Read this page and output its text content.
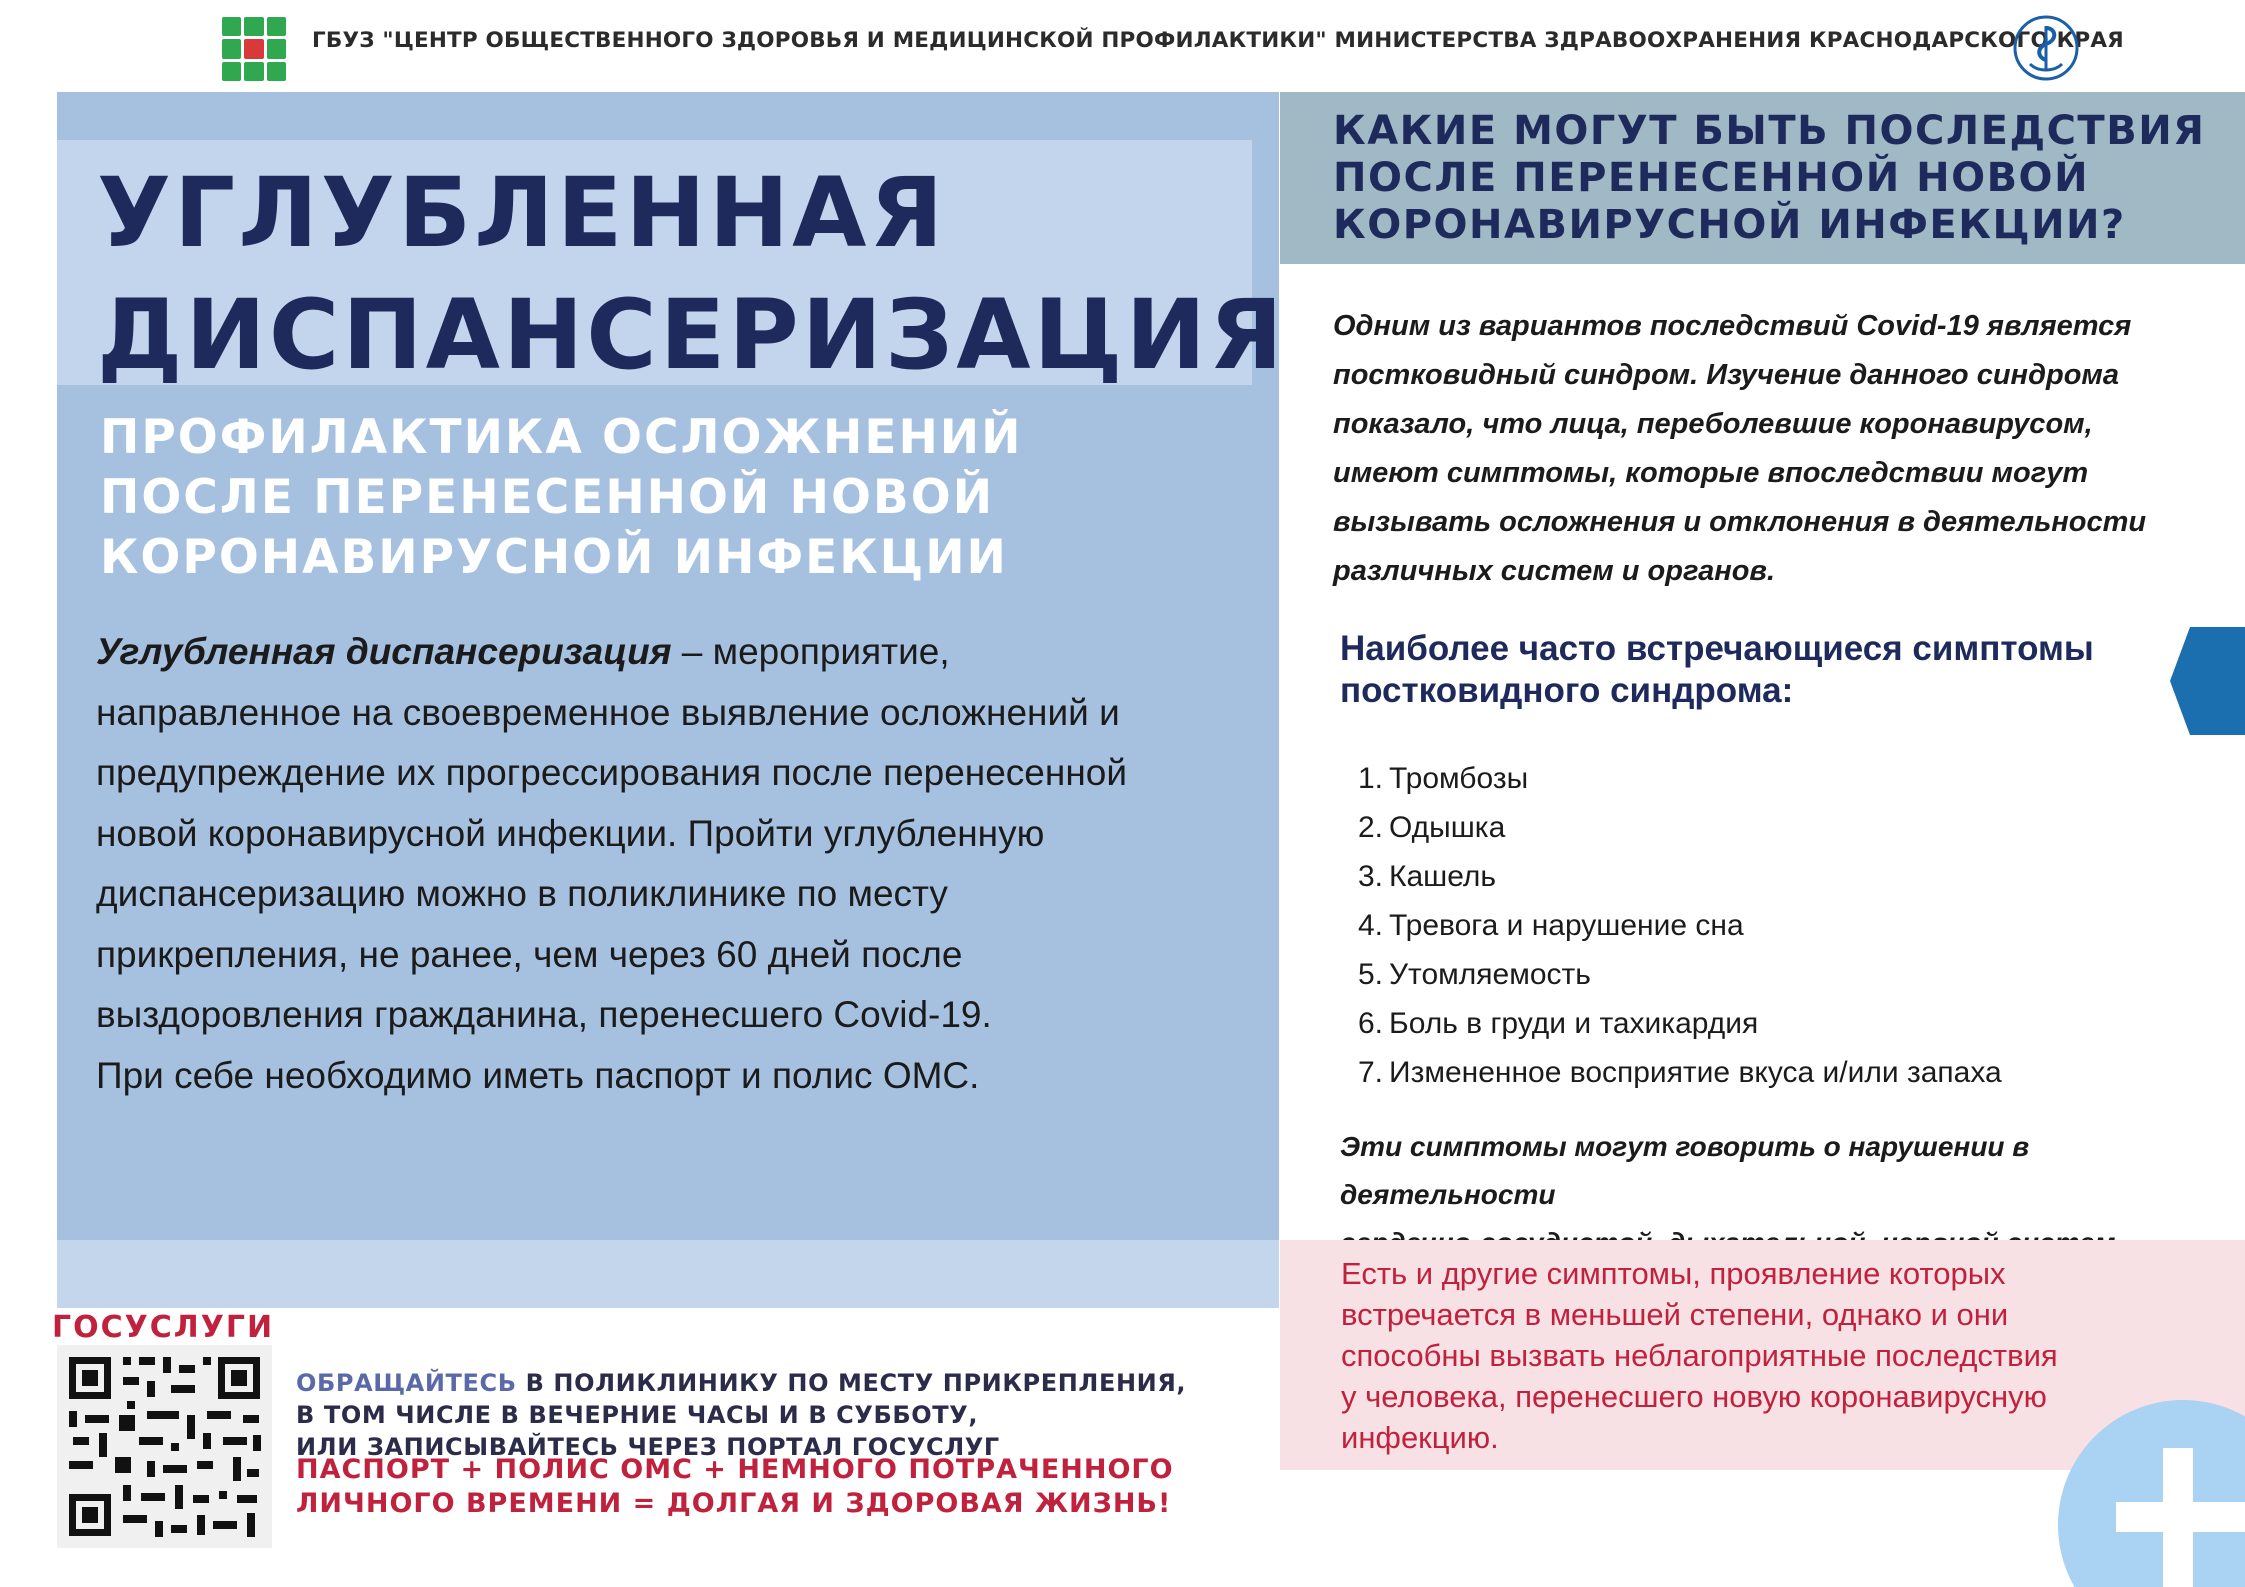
ГБУЗ "ЦЕНТР ОБЩЕСТВЕННОГО ЗДОРОВЬЯ И МЕДИЦИНСКОЙ ПРОФИЛАКТИКИ" МИНИСТЕРСТВА ЗДРАВООХРАНЕНИЯ КРАСНОДАРСКОГО КРАЯ
УГЛУБЛЕННАЯ
ДИСПАНСЕРИЗАЦИЯ
ПРОФИЛАКТИКА ОСЛОЖНЕНИЙ
ПОСЛЕ ПЕРЕНЕСЕННОЙ НОВОЙ
КОРОНАВИРУСНОЙ ИНФЕКЦИИ
Углубленная диспансеризация – мероприятие,
направленное на своевременное выявление осложнений и
предупреждение их прогрессирования после перенесенной
новой коронавирусной инфекции. Пройти углубленную
диспансеризацию можно в поликлинике по месту
прикрепления, не ранее, чем через 60 дней после
выздоровления гражданина, перенесшего Covid-19.
При себе необходимо иметь паспорт и полис ОМС.
КАКИЕ МОГУТ БЫТЬ ПОСЛЕДСТВИЯ
ПОСЛЕ ПЕРЕНЕСЕННОЙ НОВОЙ
КОРОНАВИРУСНОЙ ИНФЕКЦИИ?
Одним из вариантов последствий Covid-19 является
постковидный синдром. Изучение данного синдрома
показало, что лица, переболевшие коронавирусом,
имеют симптомы, которые впоследствии могут
вызывать осложнения и отклонения в деятельности
различных систем и органов.
Наиболее часто встречающиеся симптомы
постковидного синдрома:
1. Тромбозы
2. Одышка
3. Кашель
4. Тревога и нарушение сна
5. Утомляемость
6. Боль в груди и тахикардия
7. Измененное восприятие вкуса и/или запаха
Эти симптомы могут говорить о нарушении в деятельности
Есть и другие симптомы, проявление которых
встречается в меньшей степени, однако и они
способны вызвать неблагоприятные последствия
у человека, перенесшего новую коронавирусную
инфекцию.
ГОСУСЛУГИ
ОБРАЩАЙТЕСЬ В ПОЛИКЛИНИКУ ПО МЕСТУ ПРИКРЕПЛЕНИЯ,
В ТОМ ЧИСЛЕ В ВЕЧЕРНИЕ ЧАСЫ И В СУББОТУ,
ИЛИ ЗАПИСЫВАЙТЕСЬ ЧЕРЕЗ ПОРТАЛ ГОСУСЛУГ
ПАСПОРТ + ПОЛИС ОМС + НЕМНОГО ПОТРАЧЕННОГО
ЛИЧНОГО ВРЕМЕНИ = ДОЛГАЯ И ЗДОРОВАЯ ЖИЗНЬ!
